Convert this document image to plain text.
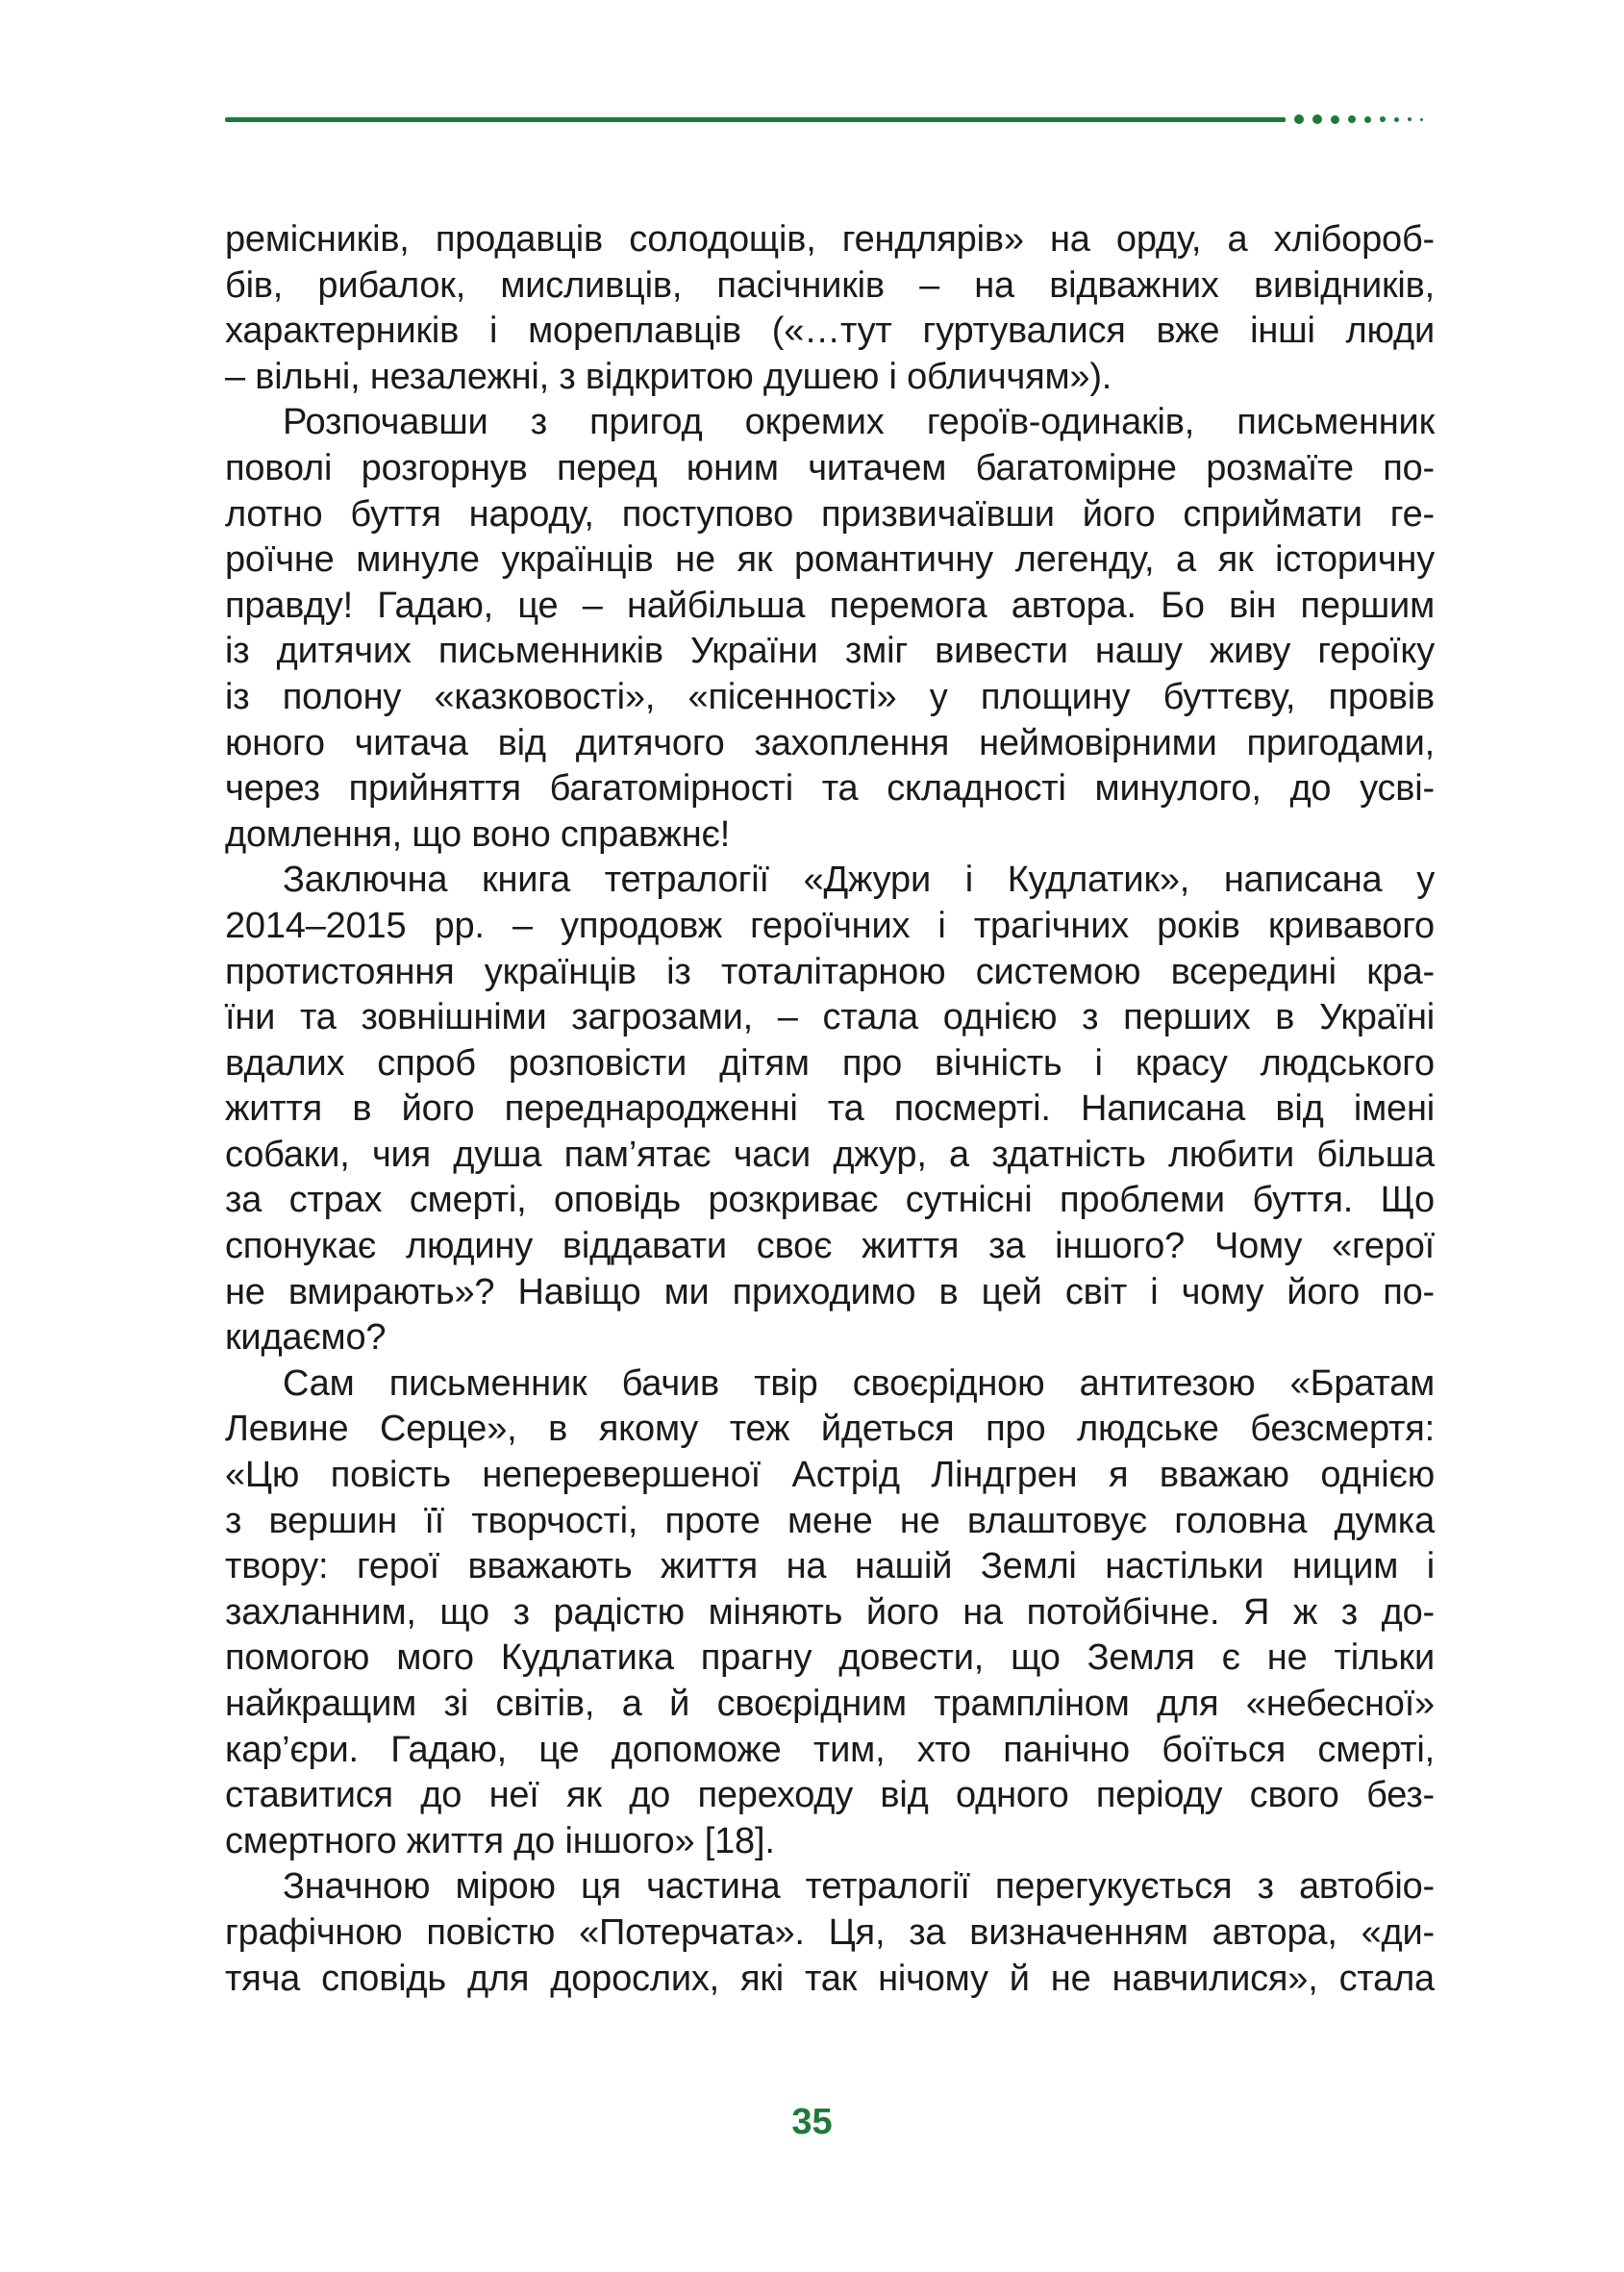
ремісників, продавців солодощів, гендлярів» на орду, а хлібороб-
бів, рибалок, мисливців, пасічників – на відважних вивідників,
характерників і мореплавців («…тут гуртувалися вже інші люди
– вільні, незалежні, з відкритою душею і обличчям»).
Розпочавши з пригод окремих героїв-одинаків, письменник
поволі розгорнув перед юним читачем багатомірне розмаїте по-
лотно буття народу, поступово призвичаївши його сприймати ге-
роїчне минуле українців не як романтичну легенду, а як історичну
правду! Гадаю, це – найбільша перемога автора. Бо він першим
із дитячих письменників України зміг вивести нашу живу героїку
із полону «казковості», «пісенності» у площину буттєву, провів
юного читача від дитячого захоплення неймовірними пригодами,
через прийняття багатомірності та складності минулого, до усві-
домлення, що воно справжнє!
Заключна книга тетралогії «Джури і Кудлатик», написана у
2014–2015 рр. – упродовж героїчних і трагічних років кривавого
протистояння українців із тоталітарною системою всередині кра-
їни та зовнішніми загрозами, – стала однією з перших в Україні
вдалих спроб розповісти дітям про вічність і красу людського
життя в його переднародженні та посмерті. Написана від імені
собаки, чия душа пам’ятає часи джур, а здатність любити більша
за страх смерті, оповідь розкриває сутнісні проблеми буття. Що
спонукає людину віддавати своє життя за іншого? Чому «герої
не вмирають»? Навіщо ми приходимо в цей світ і чому його по-
кидаємо?
Сам письменник бачив твір своєрідною антитезою «Братам
Левине Серце», в якому теж йдеться про людське безсмертя:
«Цю повість неперевершеної Астрід Ліндгрен я вважаю однією
з вершин її творчості, проте мене не влаштовує головна думка
твору: герої вважають життя на нашій Землі настільки ницим і
захланним, що з радістю міняють його на потойбічне. Я ж з до-
помогою мого Кудлатика прагну довести, що Земля є не тільки
найкращим зі світів, а й своєрідним трампліном для «небесної»
кар’єри. Гадаю, це допоможе тим, хто панічно боїться смерті,
ставитися до неї як до переходу від одного періоду свого без-
смертного життя до іншого» [18].
Значною мірою ця частина тетралогії перегукується з автобіо-
графічною повістю «Потерчата». Ця, за визначенням автора, «ди-
тяча сповідь для дорослих, які так нічому й не навчилися», стала
35
